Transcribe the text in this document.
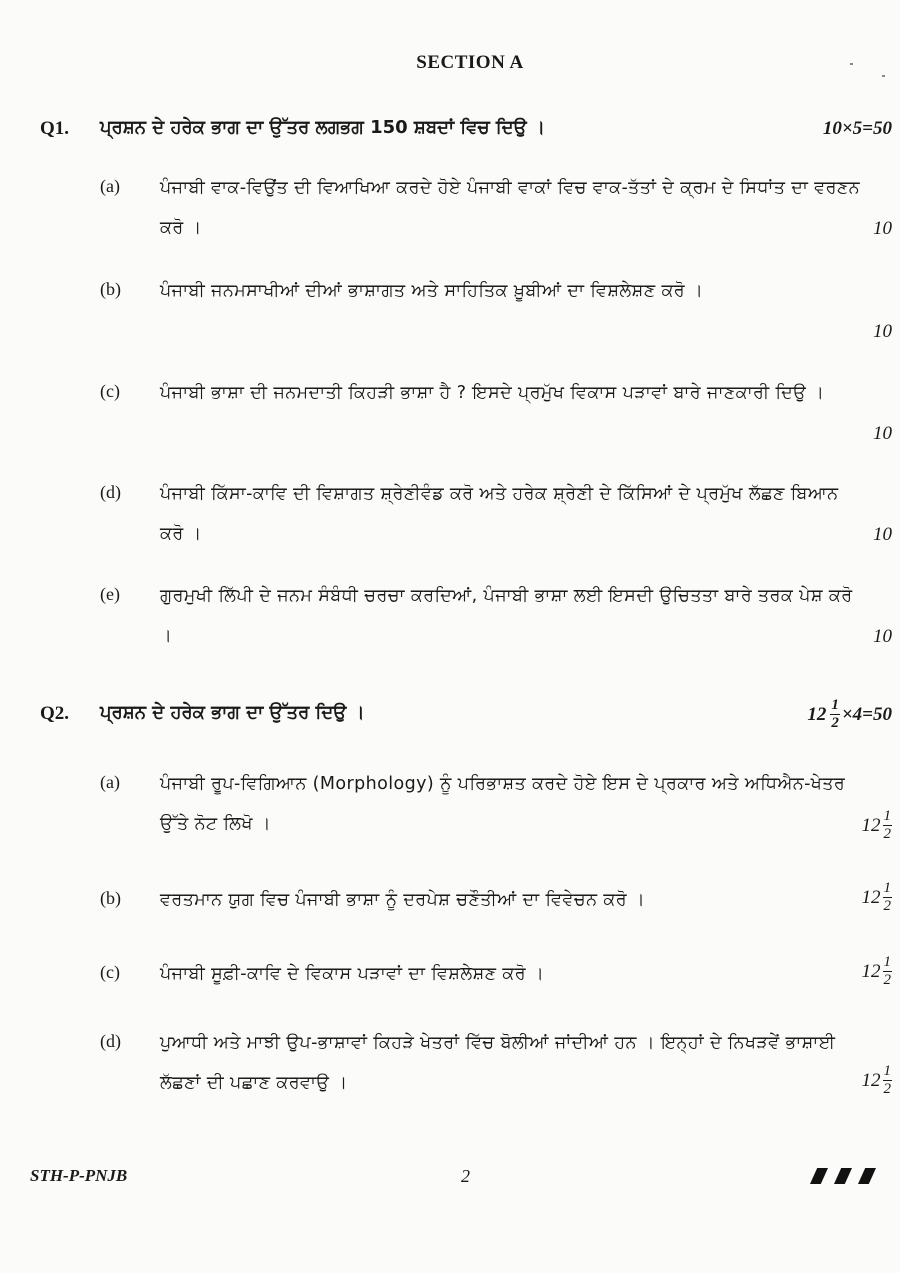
SECTION A
Q1. ਪ੍ਰਸ਼ਨ ਦੇ ਹਰੇਕ ਭਾਗ ਦਾ ਉੱਤਰ ਲਗਭਗ 150 ਸ਼ਬਦਾਂ ਵਿਚ ਦਿਉ ।	10×5=50
(a) ਪੰਜਾਬੀ ਵਾਕ-ਵਿਉਂਤ ਦੀ ਵਿਆਖਿਆ ਕਰਦੇ ਹੋਏ ਪੰਜਾਬੀ ਵਾਕਾਂ ਵਿਚ ਵਾਕ-ਤੱਤਾਂ ਦੇ ਕ੍ਰਮ ਦੇ ਸਿਧਾਂਤ ਦਾ ਵਰਣਨ ਕਰੋ ।	10
(b) ਪੰਜਾਬੀ ਜਨਮਸਾਖੀਆਂ ਦੀਆਂ ਭਾਸ਼ਾਗਤ ਅਤੇ ਸਾਹਿਤਿਕ ਖ਼ੂਬੀਆਂ ਦਾ ਵਿਸ਼ਲੇਸ਼ਣ ਕਰੋ ।
10
(c) ਪੰਜਾਬੀ ਭਾਸ਼ਾ ਦੀ ਜਨਮਦਾਤੀ ਕਿਹੜੀ ਭਾਸ਼ਾ ਹੈ ? ਇਸਦੇ ਪ੍ਰਮੁੱਖ ਵਿਕਾਸ ਪੜਾਵਾਂ ਬਾਰੇ ਜਾਣਕਾਰੀ ਦਿਉ ।
10
(d) ਪੰਜਾਬੀ ਕਿੱਸਾ-ਕਾਵਿ ਦੀ ਵਿਸ਼ਾਗਤ ਸ਼੍ਰੇਣੀਵੰਡ ਕਰੋ ਅਤੇ ਹਰੇਕ ਸ਼੍ਰੇਣੀ ਦੇ ਕਿੱਸਿਆਂ ਦੇ ਪ੍ਰਮੁੱਖ ਲੱਛਣ ਬਿਆਨ ਕਰੋ ।	10
(e) ਗੁਰਮੁਖੀ ਲਿੱਪੀ ਦੇ ਜਨਮ ਸੰਬੰਧੀ ਚਰਚਾ ਕਰਦਿਆਂ, ਪੰਜਾਬੀ ਭਾਸ਼ਾ ਲਈ ਇਸਦੀ ਉਚਿਤਤਾ ਬਾਰੇ ਤਰਕ ਪੇਸ਼ ਕਰੋ ।	10
Q2. ਪ੍ਰਸ਼ਨ ਦੇ ਹਰੇਕ ਭਾਗ ਦਾ ਉੱਤਰ ਦਿਉ ।	$12 \frac{1}{2} \times 4=50$
(a) ਪੰਜਾਬੀ ਰੂਪ-ਵਿਗਿਆਨ (Morphology) ਨੂੰ ਪਰਿਭਾਸ਼ਤ ਕਰਦੇ ਹੋਏ ਇਸ ਦੇ ਪ੍ਰਕਾਰ ਅਤੇ ਅਧਿਐਨ-ਖੇਤਰ ਉੱਤੇ ਨੋਟ ਲਿਖੋ ।	$12 \frac{1}{2}$
(b) ਵਰਤਮਾਨ ਯੁਗ ਵਿਚ ਪੰਜਾਬੀ ਭਾਸ਼ਾ ਨੂੰ ਦਰਪੇਸ਼ ਚਣੌਤੀਆਂ ਦਾ ਵਿਵੇਚਨ ਕਰੋ ।	$12 \frac{1}{2}$
(c) ਪੰਜਾਬੀ ਸੂਫ਼ੀ-ਕਾਵਿ ਦੇ ਵਿਕਾਸ ਪੜਾਵਾਂ ਦਾ ਵਿਸ਼ਲੇਸ਼ਣ ਕਰੋ ।	$12 \frac{1}{2}$
(d) ਪੁਆਧੀ ਅਤੇ ਮਾਝੀ ਉਪ-ਭਾਸ਼ਾਵਾਂ ਕਿਹੜੇ ਖੇਤਰਾਂ ਵਿੱਚ ਬੋਲੀਆਂ ਜਾਂਦੀਆਂ ਹਨ । ਇਨ੍ਹਾਂ ਦੇ ਨਿਖੜਵੇਂ ਭਾਸ਼ਾਈ ਲੱਛਣਾਂ ਦੀ ਪਛਾਣ ਕਰਵਾਉ ।	$12 \frac{1}{2}$
STH-P-PNJB	2
